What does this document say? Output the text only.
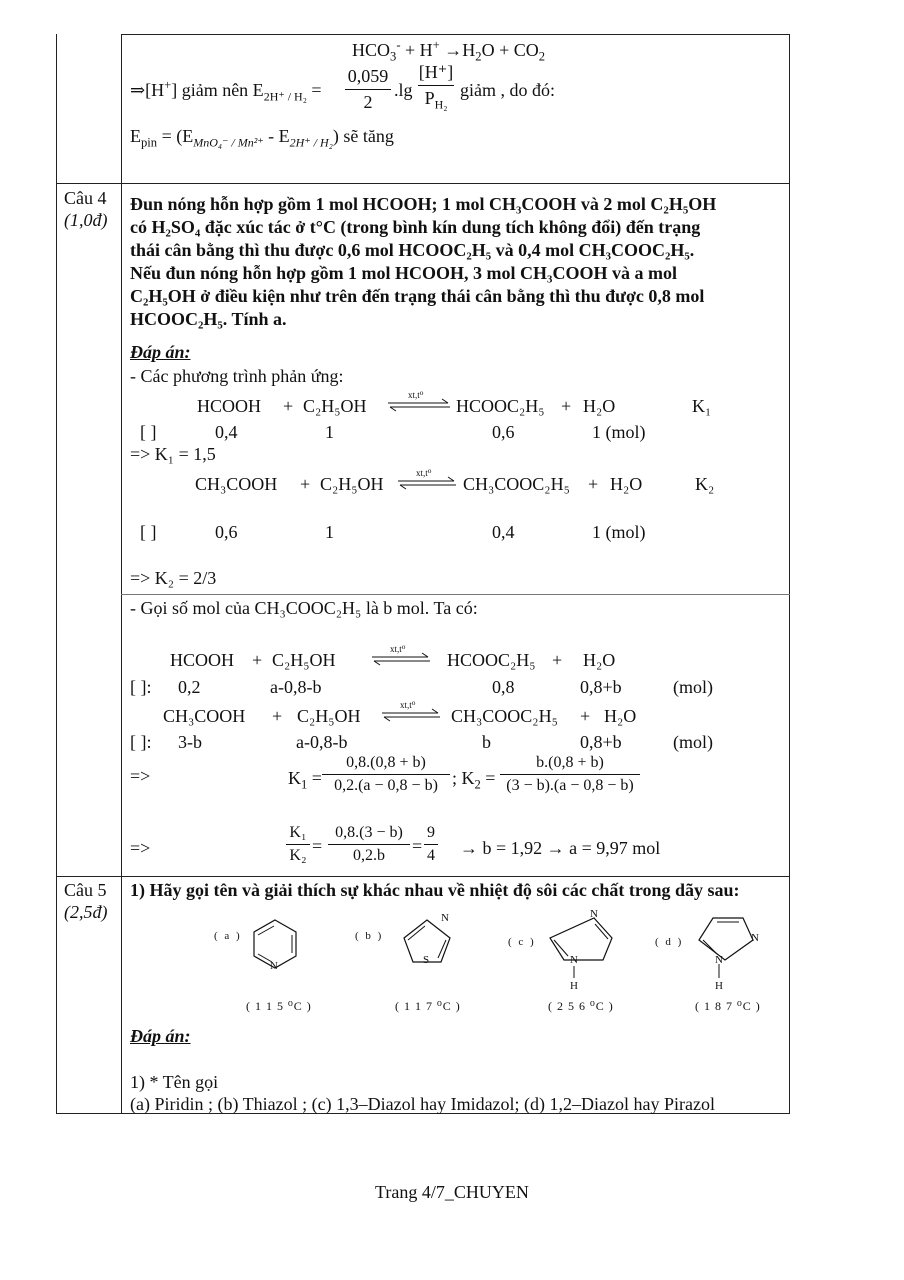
$HCO_3^- + H^+ \to H_2O + CO_2$
⇒[H+] giảm nên $E_{2H^+ / H_2}$ =
0,059
2
.lg
[H⁺]
$P_{H_2}$
giảm , do đó:
$E_{pin} = (E_{MnO_4^- / Mn^{2+}} - E_{2H^+ / H_2})$ sẽ tăng
Câu 4
(1,0đ)
Đun nóng hỗn hợp gồm 1 mol HCOOH; 1 mol CH₃COOH và 2 mol C₂H₅OH
có H₂SO₄ đặc xúc tác ở t°C (trong bình kín dung tích không đổi) đến trạng
thái cân bằng thì thu được 0,6 mol HCOOC₂H₅ và 0,4 mol CH₃COOC₂H₅.
Nếu đun nóng hỗn hợp gồm 1 mol HCOOH, 3 mol CH₃COOH và a mol
C₂H₅OH ở điều kiện như trên đến trạng thái cân bằng thì thu được 0,8 mol
HCOOC₂H₅. Tính a.
Đáp án:
- Các phương trình phản ứng:
HCOOH + C₂H₅OH
xt,t⁰
HCOOC₂H₅ + H₂O	K₁
[ ]	0,4	1	0,6	1 (mol)
=> K₁ = 1,5
CH₃COOH + C₂H₅OH
xt,t⁰
CH₃COOC₂H₅ + H₂O	K₂
[ ]	0,6	1	0,4	1 (mol)
=> K₂ = 2/3
- Gọi số mol của CH₃COOC₂H₅ là b mol. Ta có:
HCOOH + C₂H₅OH
xt,t⁰
HCOOC₂H₅ + H₂O
[ ]: 0,2	a-0,8-b	0,8	0,8+b	(mol)
CH₃COOH + C₂H₅OH
xt,t⁰
CH₃COOC₂H₅ + H₂O
[ ]: 3-b	a-0,8-b	b	0,8+b	(mol)
=>	$K_1$ =
0,8.(0,8 + b)
0,2.(a − 0,8 − b) ; $K_2$ =
b.(0,8 + b)
(3 − b).(a − 0,8 − b)
=>
K₁
K₂ =
0,8.(3 − b)
0,2.b	=
9
4 → b = 1,92 → a = 9,97 mol
Câu 5
(2,5đ)
1) Hãy gọi tên và giải thích sự khác nhau về nhiệt độ sôi các chất trong dãy sau:
( a )
N
( 1 1 5 ⁰C )
( b )
N
S
( 1 1 7 ⁰C )
( c )
N
N
H
( 2 5 6 ⁰C )
( d )	N
N
H
( 1 8 7 ⁰C )
Đáp án:
1) * Tên gọi
(a) Piridin ; (b) Thiazol ; (c) 1,3–Diazol hay Imidazol; (d) 1,2–Diazol hay Pirazol
Trang 4/7_CHUYEN
